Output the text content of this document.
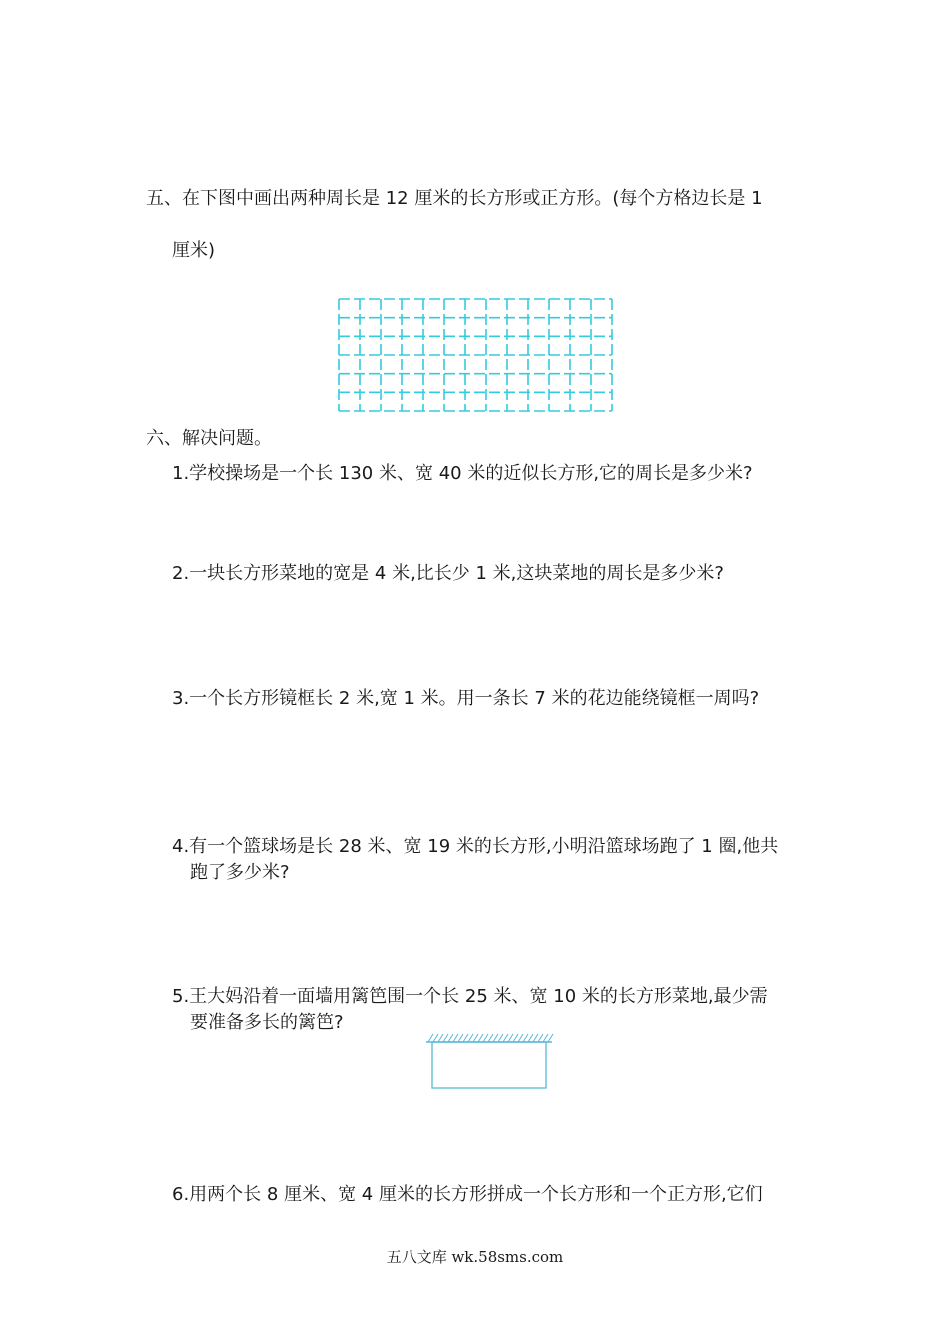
五、在下图中画出两种周长是 12 厘米的长方形或正方形。(每个方格边长是 1

厘米)

六、解决问题。

1.学校操场是一个长 130 米、宽 40 米的近似长方形,它的周长是多少米?

2.一块长方形菜地的宽是 4 米,比长少 1 米,这块菜地的周长是多少米?

3.一个长方形镜框长 2 米,宽 1 米。用一条长 7 米的花边能绕镜框一周吗?

4.有一个篮球场是长 28 米、宽 19 米的长方形,小明沿篮球场跑了 1 圈,他共

跑了多少米?

5.王大妈沿着一面墙用篱笆围一个长 25 米、宽 10 米的长方形菜地,最少需

要准备多长的篱笆?

6.用两个长 8 厘米、宽 4 厘米的长方形拼成一个长方形和一个正方形,它们

五八文库 wk.58sms.com
